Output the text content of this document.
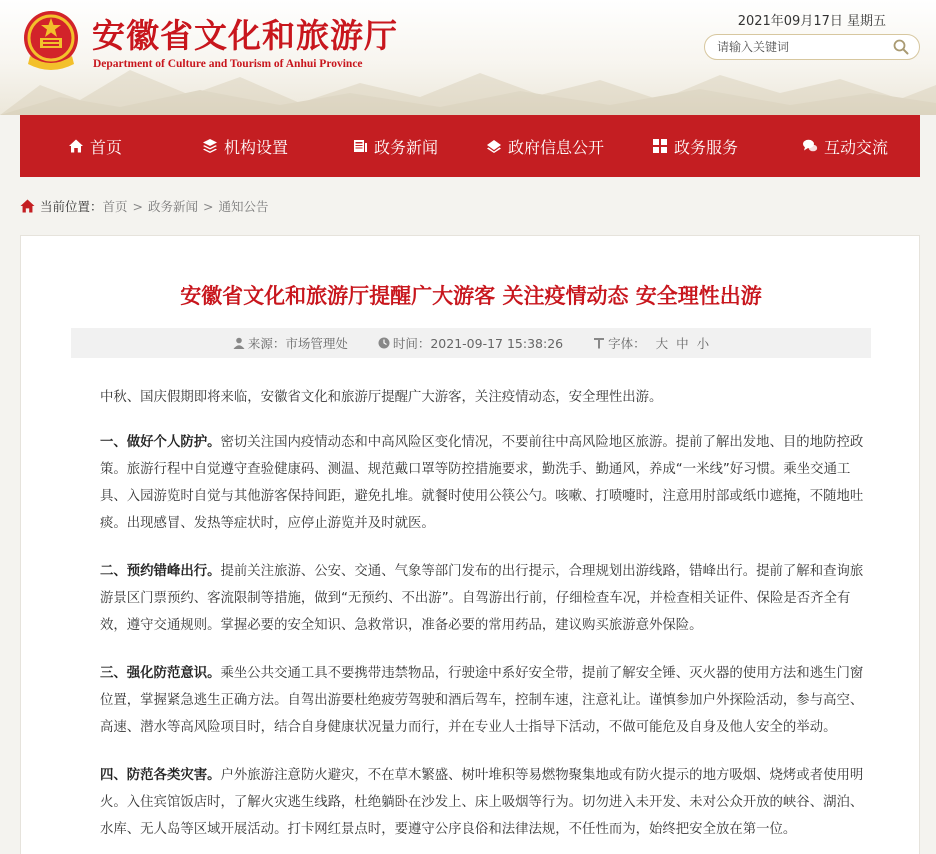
安徽省文化和旅游厅
Department of Culture and Tourism of Anhui Province
2021年09月17日 星期五
请输入关键词
首页	机构设置	政务新闻	政府信息公开	政务服务	互动交流
当前位置： 首页 > 政务新闻 > 通知公告
安徽省文化和旅游厅提醒广大游客 关注疫情动态 安全理性出游
来源：市场管理处	时间：2021-09-17 15:38:26	字体： 大 中 小

中秋、国庆假期即将来临，安徽省文化和旅游厅提醒广大游客，关注疫情动态，安全理性出游。

一、做好个人防护。密切关注国内疫情动态和中高风险区变化情况，不要前往中高风险地区旅游。提前了解出发地、目的地防控政策。旅游行程中自觉遵守查验健康码、测温、规范戴口罩等防控措施要求，勤洗手、勤通风，养成“一米线”好习惯。乘坐交通工具、入园游览时自觉与其他游客保持间距，避免扎堆。就餐时使用公筷公勺。咳嗽、打喷嚏时，注意用肘部或纸巾遮掩，不随地吐痰。出现感冒、发热等症状时，应停止游览并及时就医。

二、预约错峰出行。提前关注旅游、公安、交通、气象等部门发布的出行提示，合理规划出游线路，错峰出行。提前了解和查询旅游景区门票预约、客流限制等措施，做到“无预约、不出游”。自驾游出行前，仔细检查车况，并检查相关证件、保险是否齐全有效，遵守交通规则。掌握必要的安全知识、急救常识，准备必要的常用药品，建议购买旅游意外保险。

三、强化防范意识。乘坐公共交通工具不要携带违禁物品，行驶途中系好安全带，提前了解安全锤、灭火器的使用方法和逃生门窗位置，掌握紧急逃生正确方法。自驾出游要杜绝疲劳驾驶和酒后驾车，控制车速，注意礼让。谨慎参加户外探险活动，参与高空、高速、潜水等高风险项目时，结合自身健康状况量力而行，并在专业人士指导下活动，不做可能危及自身及他人安全的举动。

四、防范各类灾害。户外旅游注意防火避灾，不在草木繁盛、树叶堆积等易燃物聚集地或有防火提示的地方吸烟、烧烤或者使用明火。入住宾馆饭店时，了解火灾逃生线路，杜绝躺卧在沙发上、床上吸烟等行为。切勿进入未开发、未对公众开放的峡谷、湖泊、水库、无人岛等区域开展活动。打卡网红景点时，要遵守公序良俗和法律法规，不任性而为，始终把安全放在第一位。
